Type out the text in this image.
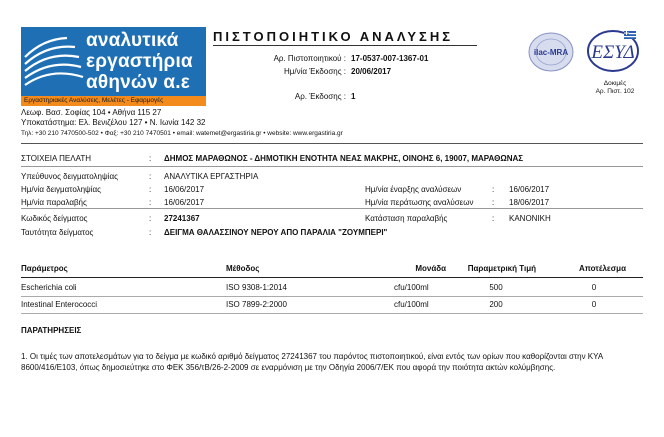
αναλυτικά
εργαστήρια
αθηνών α.ε
Εργαστηριακές Αναλύσεις, Μελέτες - Εφαρμογές
ΠΙΣΤΟΠΟΙΗΤΙΚΟ ΑΝΑΛΥΣΗΣ
Αρ. Πιστοποιητικού : 17-0537-007-1367-01
Ημ/νία Έκδοσης : 20/06/2017
Αρ. Έκδοσης : 1
ilac-MRA ΕΣΥΔ
Δοκιμές
Αρ. Πιστ. 102
Λεωφ. Βασ. Σοφίας 104 • Αθήνα 115 27
Υποκατάστημα: Ελ. Βενιζέλου 127 • Ν. Ιωνία 142 32
Τηλ: +30 210 7470500-502 • Φαξ: +30 210 7470501 • email: watemet@ergastiria.gr • website: www.ergastiria.gr
ΣΤΟΙΧΕΙΑ ΠΕΛΑΤΗ	: ΔΗΜΟΣ ΜΑΡΑΘΩΝΟΣ - ΔΗΜΟΤΙΚΗ ΕΝΟΤΗΤΑ ΝΕΑΣ ΜΑΚΡΗΣ, ΟΙΝΟΗΣ 6, 19007, ΜΑΡΑΘΩΝΑΣ
Υπεύθυνος δειγματοληψίας	: ΑΝΑΛΥΤΙΚΑ ΕΡΓΑΣΤΗΡΙΑ
Ημ/νία δειγματοληψίας	: 16/06/2017	Ημ/νία έναρξης αναλύσεων	: 16/06/2017
Ημ/νία παραλαβής	: 16/06/2017	Ημ/νία περάτωσης αναλύσεων : 18/06/2017
Κωδικός δείγματος	: 27241367	Κατάσταση παραλαβής	: ΚΑΝΟΝΙΚΗ
Ταυτότητα δείγματος	: ΔΕΙΓΜΑ ΘΑΛΑΣΣΙΝΟΥ ΝΕΡΟΥ ΑΠΟ ΠΑΡΑΛΙΑ "ΖΟΥΜΠΕΡΙ"
Παράμετρος	Μέθοδος	Μονάδα	Παραμετρική Τιμή	Αποτέλεσμα
Escherichia coli	ISO 9308-1:2014	cfu/100ml	500	0
Intestinal Enterococci	ISO 7899-2:2000	cfu/100ml	200	0
ΠΑΡΑΤΗΡΗΣΕΙΣ
1. Οι τιμές των αποτελεσμάτων για το δείγμα με κωδικό αριθμό δείγματος 27241367 του παρόντος πιστοποιητικού, είναι εντός των ορίων που καθορίζονται στην ΚΥΑ 8600/416/Ε103, όπως δημοσιεύτηκε στο ΦΕΚ 356/τΒ/26-2-2009 σε εναρμόνιση με την Οδηγία 2006/7/ΕΚ που αφορά την ποιότητα ακτών κολύμβησης.
